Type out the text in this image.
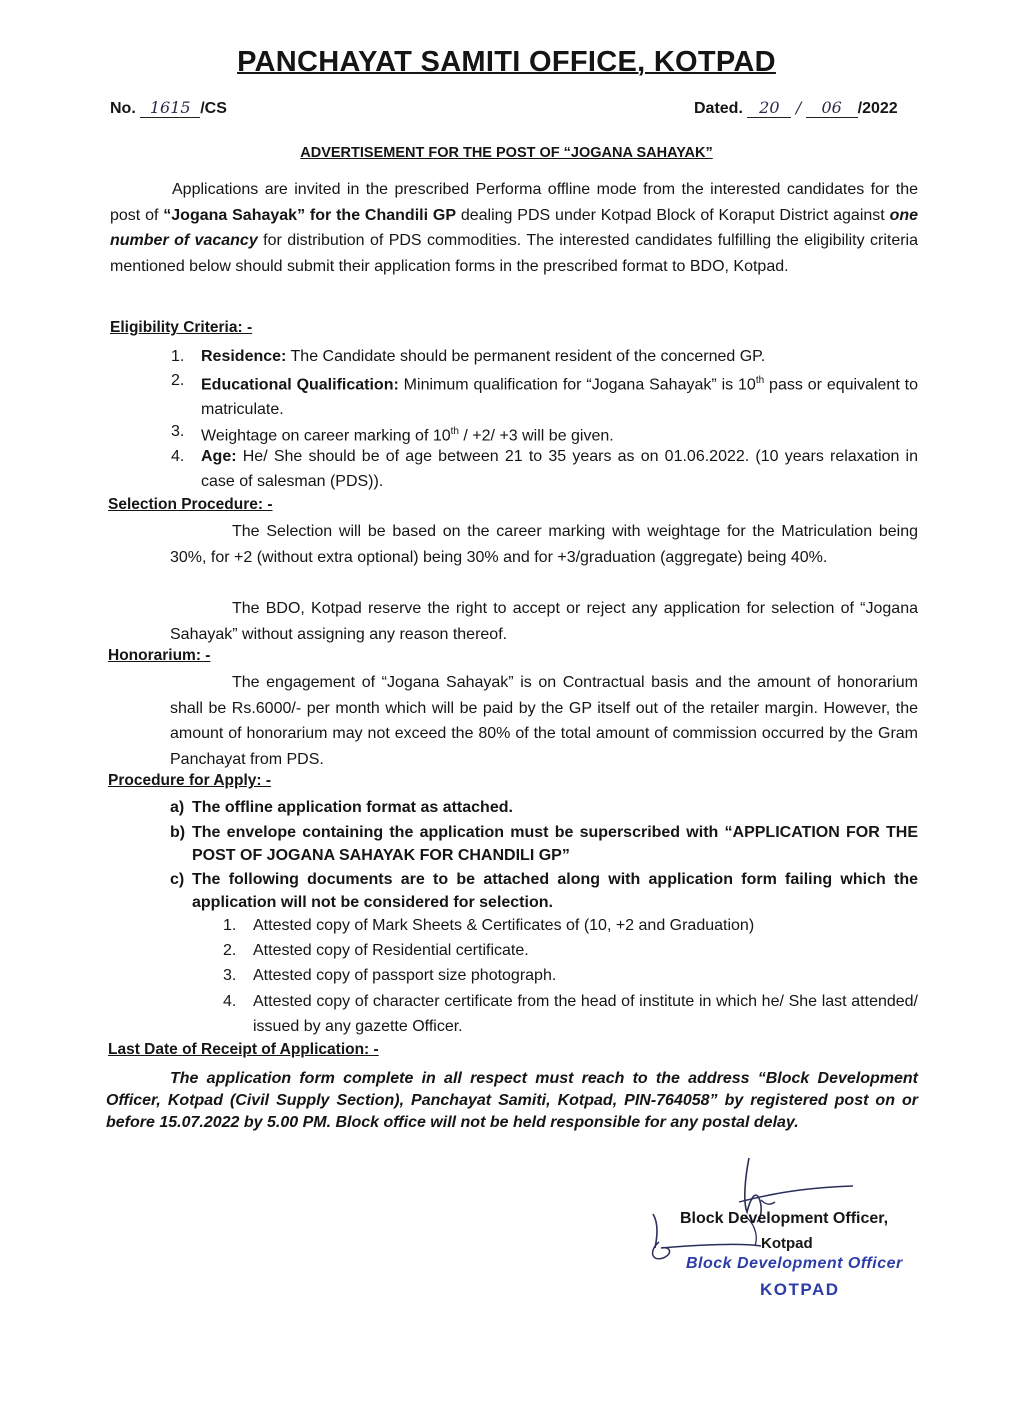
PANCHAYAT SAMITI OFFICE, KOTPAD
No. 1615 /CS	Dated. 20 / 06 /2022
ADVERTISEMENT FOR THE POST OF “JOGANA SAHAYAK”
Applications are invited in the prescribed Performa offline mode from the interested candidates for the post of “Jogana Sahayak” for the Chandili GP dealing PDS under Kotpad Block of Koraput District against one number of vacancy for distribution of PDS commodities. The interested candidates fulfilling the eligibility criteria mentioned below should submit their application forms in the prescribed format to BDO, Kotpad.
Eligibility Criteria: -
1. Residence: The Candidate should be permanent resident of the concerned GP.
2. Educational Qualification: Minimum qualification for “Jogana Sahayak” is 10th pass or equivalent to matriculate.
3. Weightage on career marking of 10th / +2/ +3 will be given.
4. Age: He/ She should be of age between 21 to 35 years as on 01.06.2022. (10 years relaxation in case of salesman (PDS)).
Selection Procedure: -
The Selection will be based on the career marking with weightage for the Matriculation being 30%, for +2 (without extra optional) being 30% and for +3/graduation (aggregate) being 40%.
The BDO, Kotpad reserve the right to accept or reject any application for selection of “Jogana Sahayak” without assigning any reason thereof.
Honorarium: -
The engagement of “Jogana Sahayak” is on Contractual basis and the amount of honorarium shall be Rs.6000/- per month which will be paid by the GP itself out of the retailer margin. However, the amount of honorarium may not exceed the 80% of the total amount of commission occurred by the Gram Panchayat from PDS.
Procedure for Apply: -
a) The offline application format as attached.
b) The envelope containing the application must be superscribed with “APPLICATION FOR THE POST OF JOGANA SAHAYAK FOR CHANDILI GP”
c) The following documents are to be attached along with application form failing which the application will not be considered for selection.
1. Attested copy of Mark Sheets & Certificates of (10, +2 and Graduation)
2. Attested copy of Residential certificate.
3. Attested copy of passport size photograph.
4. Attested copy of character certificate from the head of institute in which he/ She last attended/ issued by any gazette Officer.
Last Date of Receipt of Application: -
The application form complete in all respect must reach to the address “Block Development Officer, Kotpad (Civil Supply Section), Panchayat Samiti, Kotpad, PIN-764058” by registered post on or before 15.07.2022 by 5.00 PM. Block office will not be held responsible for any postal delay.
Block Development Officer,
Kotpad
Block Development Officer
KOTPAD
